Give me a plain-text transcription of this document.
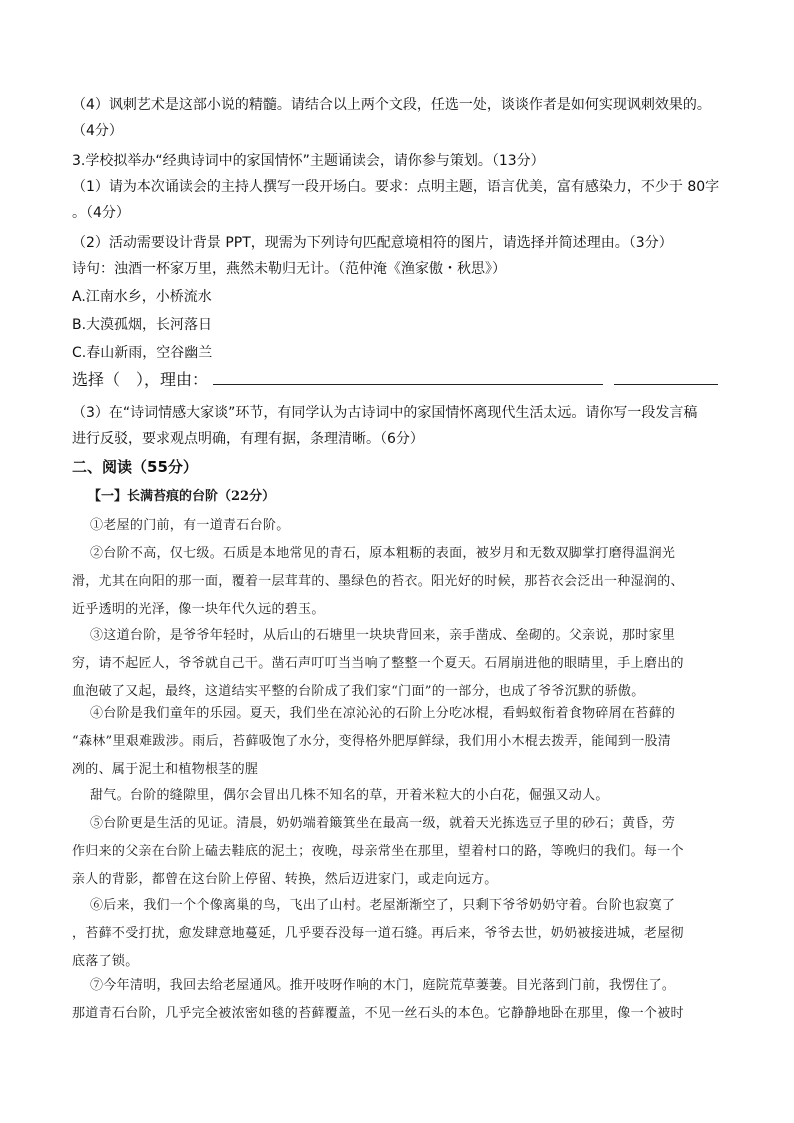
（4）讽刺艺术是这部小说的精髓。请结合以上两个文段，任选一处，谈谈作者是如何实现讽刺效果的。
（4分）
3.学校拟举办“经典诗词中的家国情怀”主题诵读会，请你参与策划。（13分）
（1）请为本次诵读会的主持人撰写一段开场白。要求：点明主题，语言优美，富有感染力，不少于 80字
。（4分）
（2）活动需要设计背景 PPT，现需为下列诗句匹配意境相符的图片，请选择并简述理由。（3分）
诗句：浊酒一杯家万里，燕然未勒归无计。（范仲淹《渔家傲・秋思》）
A.江南水乡，小桥流水
B.大漠孤烟，长河落日
C.春山新雨，空谷幽兰
选择（　），理由：
（3）在“诗词情感大家谈”环节，有同学认为古诗词中的家国情怀离现代生活太远。请你写一段发言稿
进行反驳，要求观点明确，有理有据，条理清晰。（6分）
二、阅读（55分）
【一】长满苔痕的台阶（22分）
①老屋的门前，有一道青石台阶。
②台阶不高，仅七级。石质是本地常见的青石，原本粗粝的表面，被岁月和无数双脚掌打磨得温润光
滑，尤其在向阳的那一面，覆着一层茸茸的、墨绿色的苔衣。阳光好的时候，那苔衣会泛出一种湿润的、
近乎透明的光泽，像一块年代久远的碧玉。
③这道台阶，是爷爷年轻时，从后山的石塘里一块块背回来，亲手凿成、垒砌的。父亲说，那时家里
穷，请不起匠人，爷爷就自己干。凿石声叮叮当当响了整整一个夏天。石屑崩进他的眼睛里，手上磨出的
血泡破了又起，最终，这道结实平整的台阶成了我们家“门面”的一部分，也成了爷爷沉默的骄傲。
④台阶是我们童年的乐园。夏天，我们坐在凉沁沁的石阶上分吃冰棍，看蚂蚁衔着食物碎屑在苔藓的
“森林”里艰难跋涉。雨后，苔藓吸饱了水分，变得格外肥厚鲜绿，我们用小木棍去拨弄，能闻到一股清
冽的、属于泥土和植物根茎的腥
甜气。台阶的缝隙里，偶尔会冒出几株不知名的草，开着米粒大的小白花，倔强又动人。
⑤台阶更是生活的见证。清晨，奶奶端着簸箕坐在最高一级，就着天光拣选豆子里的砂石；黄昏，劳
作归来的父亲在台阶上磕去鞋底的泥土；夜晚，母亲常坐在那里，望着村口的路，等晚归的我们。每一个
亲人的背影，都曾在这台阶上停留、转换，然后迈进家门，或走向远方。
⑥后来，我们一个个像离巢的鸟，飞出了山村。老屋渐渐空了，只剩下爷爷奶奶守着。台阶也寂寞了
，苔藓不受打扰，愈发肆意地蔓延，几乎要吞没每一道石缝。再后来，爷爷去世，奶奶被接进城，老屋彻
底落了锁。
⑦今年清明，我回去给老屋通风。推开吱呀作响的木门，庭院荒草萋萋。目光落到门前，我愣住了。
那道青石台阶，几乎完全被浓密如毯的苔藓覆盖，不见一丝石头的本色。它静静地卧在那里，像一个被时
